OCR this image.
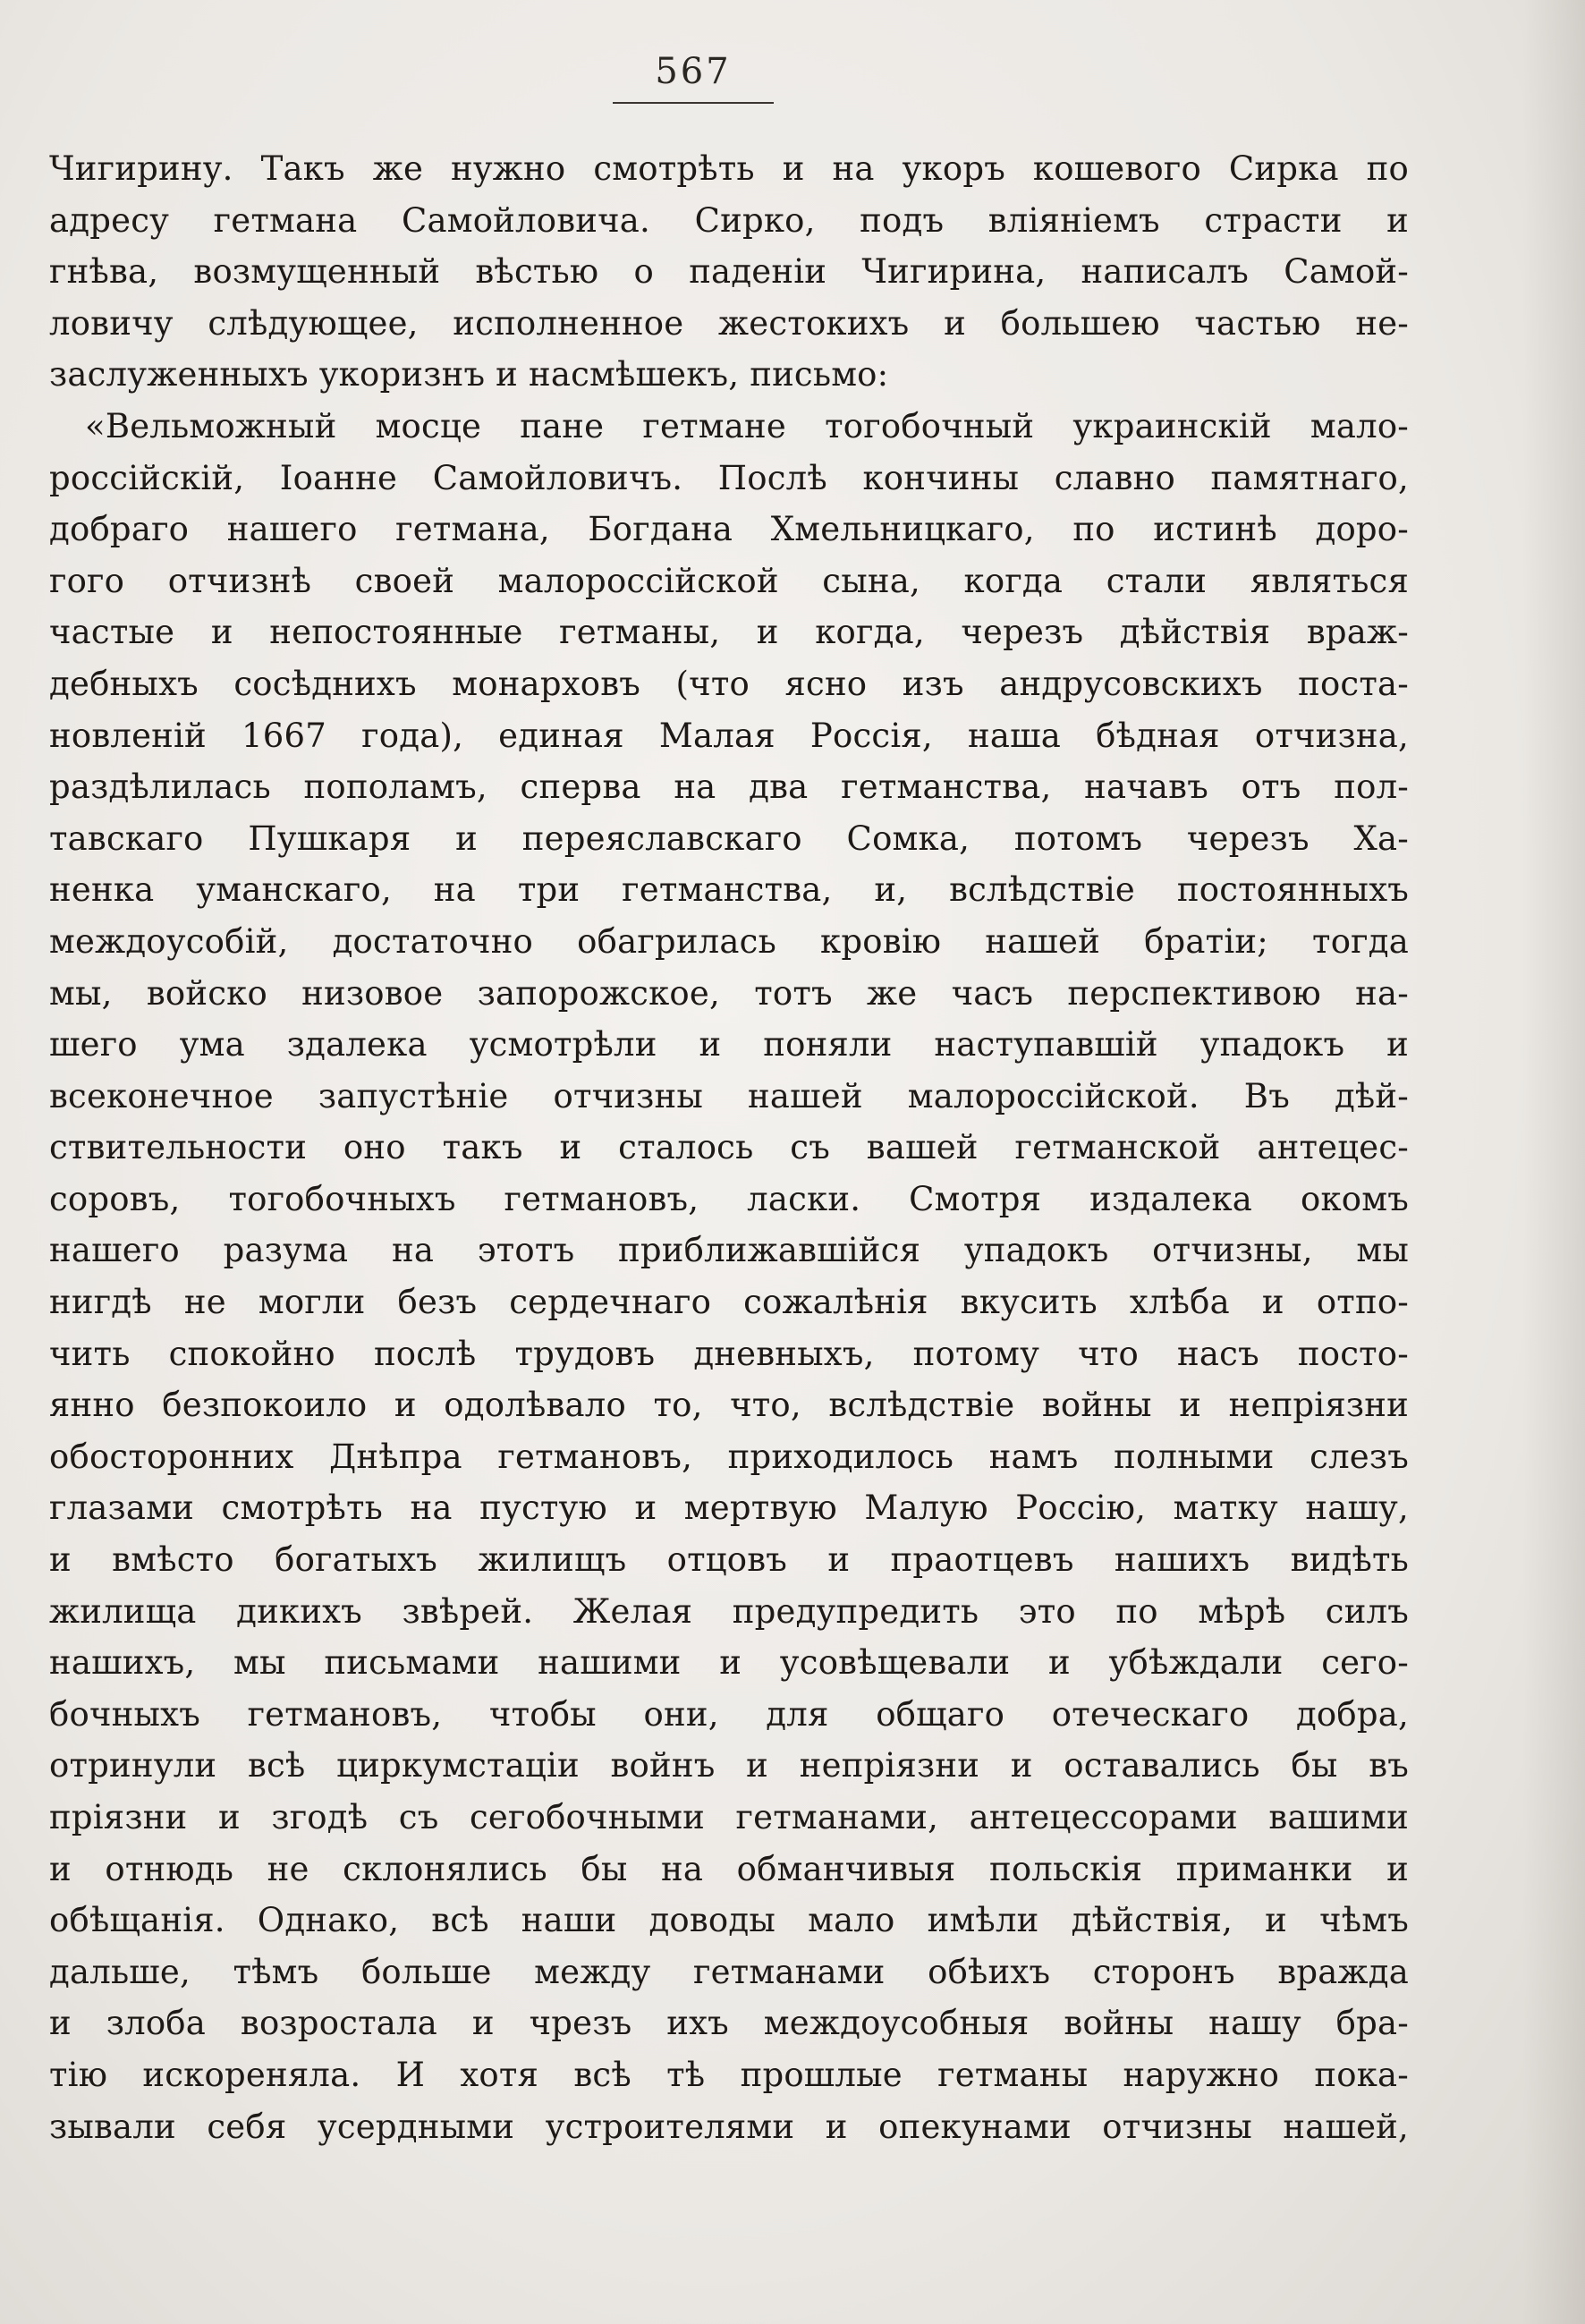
567
Чигирину. Такъ же нужно смотрѣть и на укоръ кошевого Сирка по
адресу гетмана Самойловича. Сирко, подъ вліяніемъ страсти и
гнѣва, возмущенный вѣстью о паденіи Чигирина, написалъ Самой-
ловичу слѣдующее, исполненное жестокихъ и большею частью не-
заслуженныхъ укоризнъ и насмѣшекъ, письмо:
«Вельможный мосце пане гетмане тогобочный украинскій мало-
россійскій, Іоанне Самойловичъ. Послѣ кончины славно памятнаго,
добраго нашего гетмана, Богдана Хмельницкаго, по истинѣ доро-
гого отчизнѣ своей малороссійской сына, когда стали являться
частые и непостоянные гетманы, и когда, черезъ дѣйствія враж-
дебныхъ сосѣднихъ монарховъ (что ясно изъ андрусовскихъ поста-
новленій 1667 года), единая Малая Россія, наша бѣдная отчизна,
раздѣлилась пополамъ, сперва на два гетманства, начавъ отъ пол-
тавскаго Пушкаря и переяславскаго Сомка, потомъ черезъ Ха-
ненка уманскаго, на три гетманства, и, вслѣдствіе постоянныхъ
междоусобій, достаточно обагрилась кровію нашей братіи; тогда
мы, войско низовое запорожское, тотъ же часъ перспективою на-
шего ума здалека усмотрѣли и поняли наступавшій упадокъ и
всеконечное запустѣніе отчизны нашей малороссійской. Въ дѣй-
ствительности оно такъ и сталось съ вашей гетманской антецес-
соровъ, тогобочныхъ гетмановъ, ласки. Смотря издалека окомъ
нашего разума на этотъ приближавшійся упадокъ отчизны, мы
нигдѣ не могли безъ сердечнаго сожалѣнія вкусить хлѣба и отпо-
чить спокойно послѣ трудовъ дневныхъ, потому что насъ посто-
янно безпокоило и одолѣвало то, что, вслѣдствіе войны и непріязни
обосторонних Днѣпра гетмановъ, приходилось намъ полными слезъ
глазами смотрѣть на пустую и мертвую Малую Россію, матку нашу,
и вмѣсто богатыхъ жилищъ отцовъ и праотцевъ нашихъ видѣть
жилища дикихъ звѣрей. Желая предупредить это по мѣрѣ силъ
нашихъ, мы письмами нашими и усовѣщевали и убѣждали сего-
бочныхъ гетмановъ, чтобы они, для общаго отеческаго добра,
отринули всѣ циркумстаціи войнъ и непріязни и оставались бы въ
пріязни и згодѣ съ сегобочными гетманами, антецессорами вашими
и отнюдь не склонялись бы на обманчивыя польскія приманки и
обѣщанія. Однако, всѣ наши доводы мало имѣли дѣйствія, и чѣмъ
дальше, тѣмъ больше между гетманами обѣихъ сторонъ вражда
и злоба возростала и чрезъ ихъ междоусобныя войны нашу бра-
тію искореняла. И хотя всѣ тѣ прошлые гетманы наружно пока-
зывали себя усердными устроителями и опекунами отчизны нашей,
